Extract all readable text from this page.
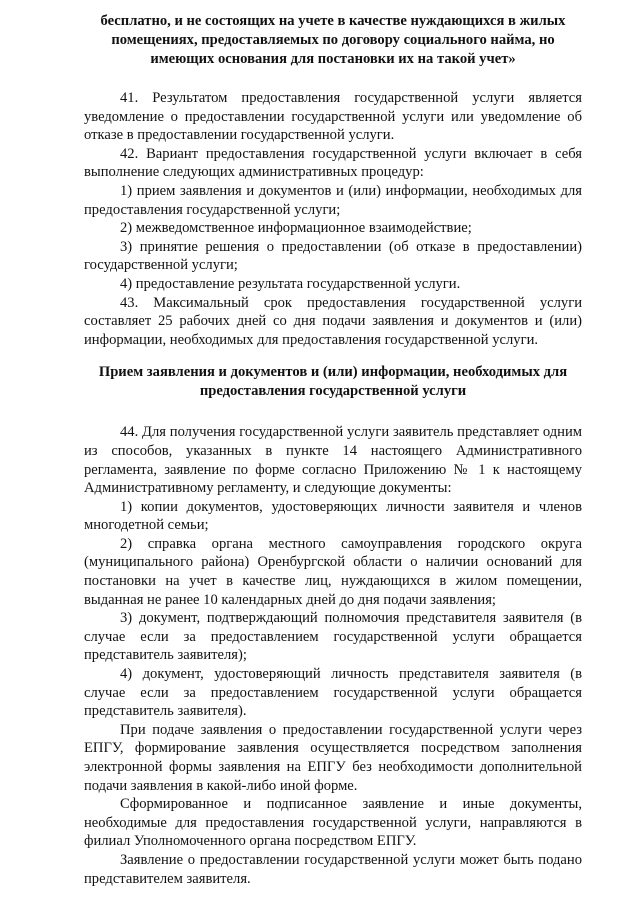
бесплатно, и не состоящих на учете в качестве нуждающихся в жилых помещениях, предоставляемых по договору социального найма, но имеющих основания для постановки их на такой учет»

41. Результатом предоставления государственной услуги является уведомление о предоставлении государственной услуги или уведомление об отказе в предоставлении государственной услуги.

42. Вариант предоставления государственной услуги включает в себя выполнение следующих административных процедур:

1) прием заявления и документов и (или) информации, необходимых для предоставления государственной услуги;

2) межведомственное информационное взаимодействие;

3) принятие решения о предоставлении (об отказе в предоставлении) государственной услуги;

4) предоставление результата государственной услуги.

43. Максимальный срок предоставления государственной услуги составляет 25 рабочих дней со дня подачи заявления и документов и (или) информации, необходимых для предоставления государственной услуги.

Прием заявления и документов и (или) информации, необходимых для предоставления государственной услуги

44. Для получения государственной услуги заявитель представляет одним из способов, указанных в пункте 14 настоящего Административного регламента, заявление по форме согласно Приложению № 1 к настоящему Административному регламенту, и следующие документы:

1) копии документов, удостоверяющих личности заявителя и членов многодетной семьи;

2) справка органа местного самоуправления городского округа (муниципального района) Оренбургской области о наличии оснований для постановки на учет в качестве лиц, нуждающихся в жилом помещении, выданная не ранее 10 календарных дней до дня подачи заявления;

3) документ, подтверждающий полномочия представителя заявителя (в случае если за предоставлением государственной услуги обращается представитель заявителя);

4) документ, удостоверяющий личность представителя заявителя (в случае если за предоставлением государственной услуги обращается представитель заявителя).

При подаче заявления о предоставлении государственной услуги через ЕПГУ, формирование заявления осуществляется посредством заполнения электронной формы заявления на ЕПГУ без необходимости дополнительной подачи заявления в какой-либо иной форме.

Сформированное и подписанное заявление и иные документы, необходимые для предоставления государственной услуги, направляются в филиал Уполномоченного органа посредством ЕПГУ.

Заявление о предоставлении государственной услуги может быть подано представителем заявителя.
